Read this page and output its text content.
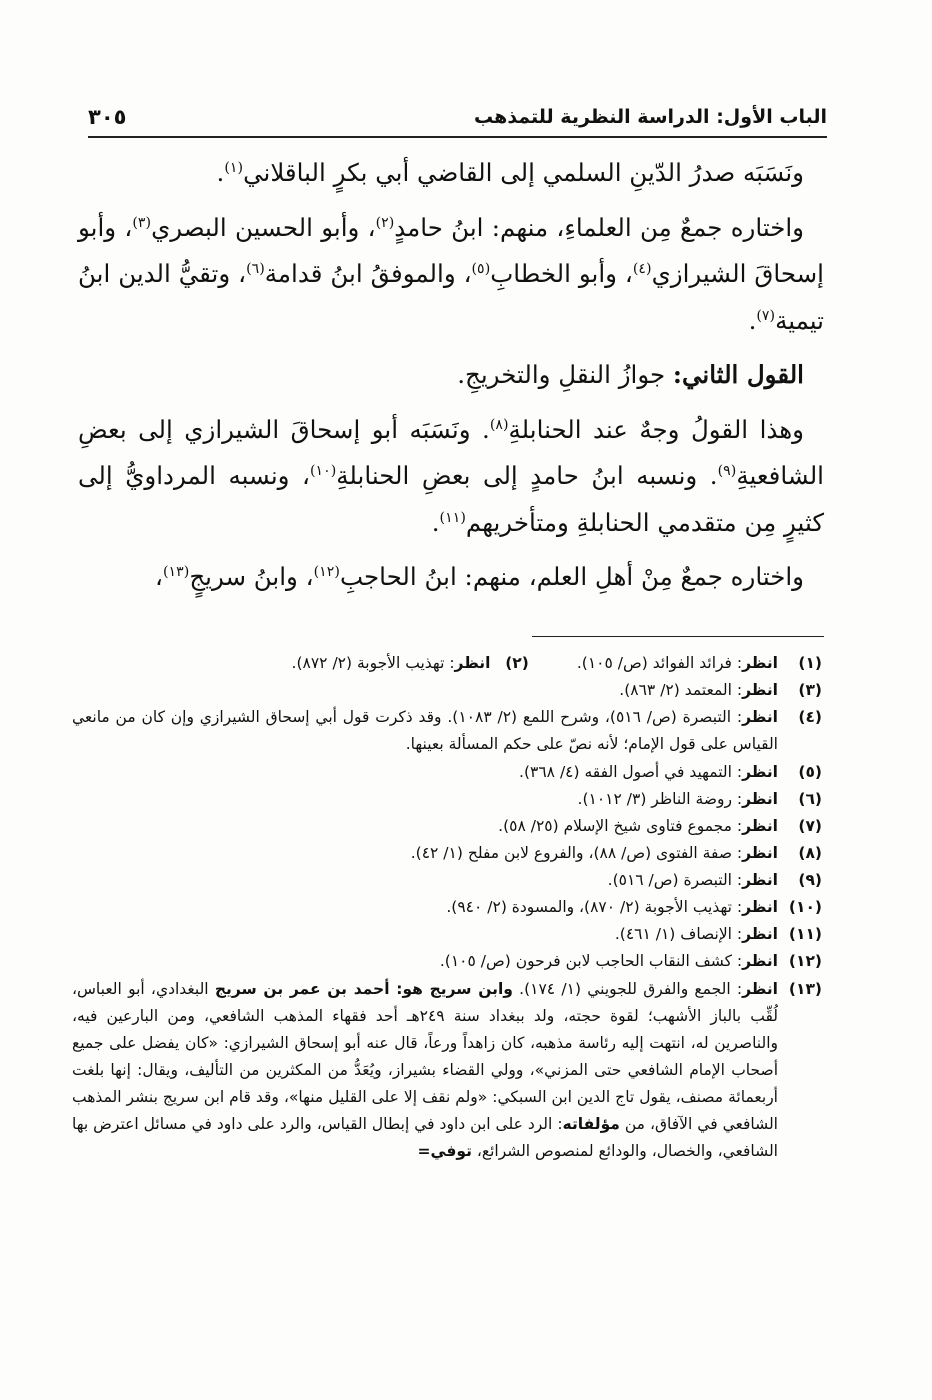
الباب الأول: الدراسة النظرية للتمذهب
٣٠٥

ونَسَبَه صدرُ الدّينِ السلمي إلى القاضي أبي بكرٍ الباقلاني$^{(١)}$.

واختاره جمعٌ مِن العلماءِ، منهم: ابنُ حامدٍ$^{(٢)}$، وأبو الحسين البصري$^{(٣)}$، وأبو إسحاقَ الشيرازي$^{(٤)}$، وأبو الخطابِ$^{(٥)}$، والموفقُ ابنُ قدامة$^{(٦)}$، وتقيُّ الدين ابنُ تيمية$^{(٧)}$.

القول الثاني: جوازُ النقلِ والتخريجِ.

وهذا القولُ وجهٌ عند الحنابلةِ$^{(٨)}$. ونَسَبَه أبو إسحاقَ الشيرازي إلى بعضِ الشافعيةِ$^{(٩)}$. ونسبه ابنُ حامدٍ إلى بعضِ الحنابلةِ$^{(١٠)}$، ونسبه المرداويُّ إلى كثيرٍ مِن متقدمي الحنابلةِ ومتأخريهم$^{(١١)}$.

واختاره جمعٌ مِنْ أهلِ العلم، منهم: ابنُ الحاجبِ$^{(١٢)}$، وابنُ سريجٍ$^{(١٣)}$،

(١)
انظر: فرائد الفوائد (ص/ ١٠٥).(٢)   انظر: تهذيب الأجوبة (٢/ ٨٧٢).
(٣)
انظر: المعتمد (٢/ ٨٦٣).
(٤)
انظر: التبصرة (ص/ ٥١٦)، وشرح اللمع (٢/ ١٠٨٣). وقد ذكرت قول أبي إسحاق الشيرازي وإن كان من مانعي القياس على قول الإمام؛ لأنه نصّ على حكم المسألة بعينها.
(٥)
انظر: التمهيد في أصول الفقه (٤/ ٣٦٨).
(٦)
انظر: روضة الناظر (٣/ ١٠١٢).
(٧)
انظر: مجموع فتاوى شيخ الإسلام (٢٥/ ٥٨).
(٨)
انظر: صفة الفتوى (ص/ ٨٨)، والفروع لابن مفلح (١/ ٤٢).
(٩)
انظر: التبصرة (ص/ ٥١٦).
(١٠)
انظر: تهذيب الأجوبة (٢/ ٨٧٠)، والمسودة (٢/ ٩٤٠).
(١١)
انظر: الإنصاف (١/ ٤٦١).
(١٢)
انظر: كشف النقاب الحاجب لابن فرحون (ص/ ١٠٥).
(١٣)
انظر: الجمع والفرق للجويني (١/ ١٧٤). وابن سريج هو: أحمد بن عمر بن سريج البغدادي، أبو العباس، لُقِّب بالباز الأشهب؛ لقوة حجته، ولد ببغداد سنة ٢٤٩هـ أحد فقهاء المذهب الشافعي، ومن البارعين فيه، والناصرين له، انتهت إليه رئاسة مذهبه، كان زاهداً ورعاً، قال عنه أبو إسحاق الشيرازي: «كان يفضل على جميع أصحاب الإمام الشافعي حتى المزني»، وولي القضاء بشيراز، ويُعَدُّ من المكثرين من التأليف، ويقال: إنها بلغت أربعمائة مصنف، يقول تاج الدين ابن السبكي: «ولم نقف إلا على القليل منها»، وقد قام ابن سريج بنشر المذهب الشافعي في الآفاق، من مؤلفاته: الرد على ابن داود في إبطال القياس، والرد على داود في مسائل اعترض بها الشافعي، والخصال، والودائع لمنصوص الشرائع، توفي=
